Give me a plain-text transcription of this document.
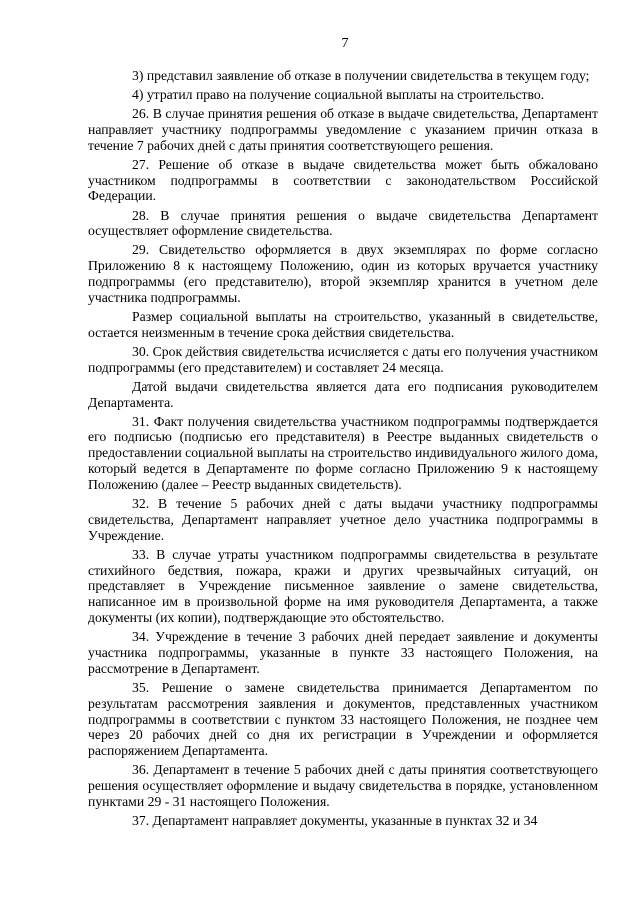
7

3) представил заявление об отказе в получении свидетельства в текущем году;

4) утратил право на получение социальной выплаты на строительство.

26. В случае принятия решения об отказе в выдаче свидетельства, Департамент направляет участнику подпрограммы уведомление с указанием причин отказа в течение 7 рабочих дней с даты принятия соответствующего решения.

27. Решение об отказе в выдаче свидетельства может быть обжаловано участником подпрограммы в соответствии с законодательством Российской Федерации.

28. В случае принятия решения о выдаче свидетельства Департамент осуществляет оформление свидетельства.

29. Свидетельство оформляется в двух экземплярах по форме согласно Приложению 8 к настоящему Положению, один из которых вручается участнику подпрограммы (его представителю), второй экземпляр хранится в учетном деле участника подпрограммы.

Размер социальной выплаты на строительство, указанный в свидетельстве, остается неизменным в течение срока действия свидетельства.

30. Срок действия свидетельства исчисляется с даты его получения участником подпрограммы (его представителем) и составляет 24 месяца.

Датой выдачи свидетельства является дата его подписания руководителем Департамента.

31. Факт получения свидетельства участником подпрограммы подтверждается его подписью (подписью его представителя) в Реестре выданных свидетельств о предоставлении социальной выплаты на строительство индивидуального жилого дома, который ведется в Департаменте по форме согласно Приложению 9 к настоящему Положению (далее – Реестр выданных свидетельств).

32. В течение 5 рабочих дней с даты выдачи участнику подпрограммы свидетельства, Департамент направляет учетное дело участника подпрограммы в Учреждение.

33. В случае утраты участником подпрограммы свидетельства в результате стихийного бедствия, пожара, кражи и других чрезвычайных ситуаций, он представляет в Учреждение письменное заявление о замене свидетельства, написанное им в произвольной форме на имя руководителя Департамента, а также документы (их копии), подтверждающие это обстоятельство.

34. Учреждение в течение 3 рабочих дней передает заявление и документы участника подпрограммы, указанные в пункте 33 настоящего Положения, на рассмотрение в Департамент.

35. Решение о замене свидетельства принимается Департаментом по результатам рассмотрения заявления и документов, представленных участником подпрограммы в соответствии с пунктом 33 настоящего Положения, не позднее чем через 20 рабочих дней со дня их регистрации в Учреждении и оформляется распоряжением Департамента.

36. Департамент в течение 5 рабочих дней с даты принятия соответствующего решения осуществляет оформление и выдачу свидетельства в порядке, установленном пунктами 29 - 31 настоящего Положения.

37. Департамент направляет документы, указанные в пунктах 32 и 34
